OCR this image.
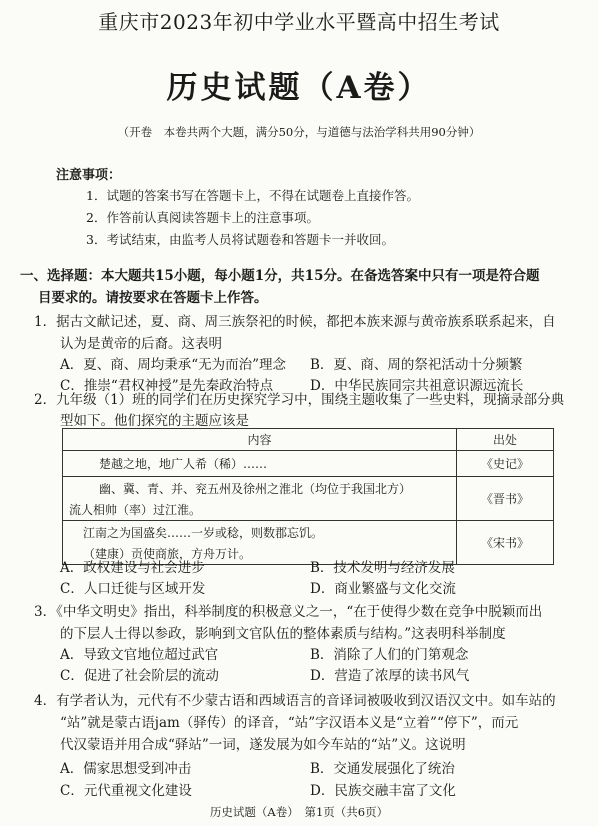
重庆市2023年初中学业水平暨高中招生考试
历史试题（A卷）
（开卷　本卷共两个大题，满分50分，与道德与法治学科共用90分钟）
注意事项：
1．试题的答案书写在答题卡上，不得在试题卷上直接作答。
2．作答前认真阅读答题卡上的注意事项。
3．考试结束，由监考人员将试题卷和答题卡一并收回。
一、选择题：本大题共15小题，每小题1分，共15分。在备选答案中只有一项是符合题
目要求的。请按要求在答题卡上作答。
1．据古文献记述，夏、商、周三族祭祀的时候，都把本族来源与黄帝族系联系起来，自
认为是黄帝的后裔。这表明
A．夏、商、周均秉承“无为而治”理念 B．夏、商、周的祭祀活动十分频繁
C．推崇“君权神授”是先秦政治特点	D．中华民族同宗共祖意识源远流长
2．九年级（1）班的同学们在历史探究学习中，围绕主题收集了一些史料，现摘录部分典
型如下。他们探究的主题应该是
内容	出处

楚越之地，地广人希（稀）……	《史记》

幽、冀、青、并、兖五州及徐州之淮北（均位于我国北方）
流人相帅（率）过江淮。	《晋书》

江南之为国盛矣……一岁或稔，则数郡忘饥。
（建康）贡使商旅，方舟万计。	《宋书》
A．政权建设与社会进步	B．技术发明与经济发展
C．人口迁徙与区域开发	D．商业繁盛与文化交流
3．《中华文明史》指出，科举制度的积极意义之一，“在于使得少数在竞争中脱颖而出
的下层人士得以参政，影响到文官队伍的整体素质与结构。”这表明科举制度
A．导致文官地位超过武官	B．消除了人们的门第观念
C．促进了社会阶层的流动	D．营造了浓厚的读书风气
4．有学者认为，元代有不少蒙古语和西域语言的音译词被吸收到汉语汉文中。如车站的
“站”就是蒙古语jam（驿传）的译音，“站”字汉语本义是“立着”“停下”，而元
代汉蒙语并用合成“驿站”一词，遂发展为如今车站的“站”义。这说明
A．儒家思想受到冲击	B．交通发展强化了统治
C．元代重视文化建设	D．民族交融丰富了文化
历史试题（A卷）　第1页（共6页）
